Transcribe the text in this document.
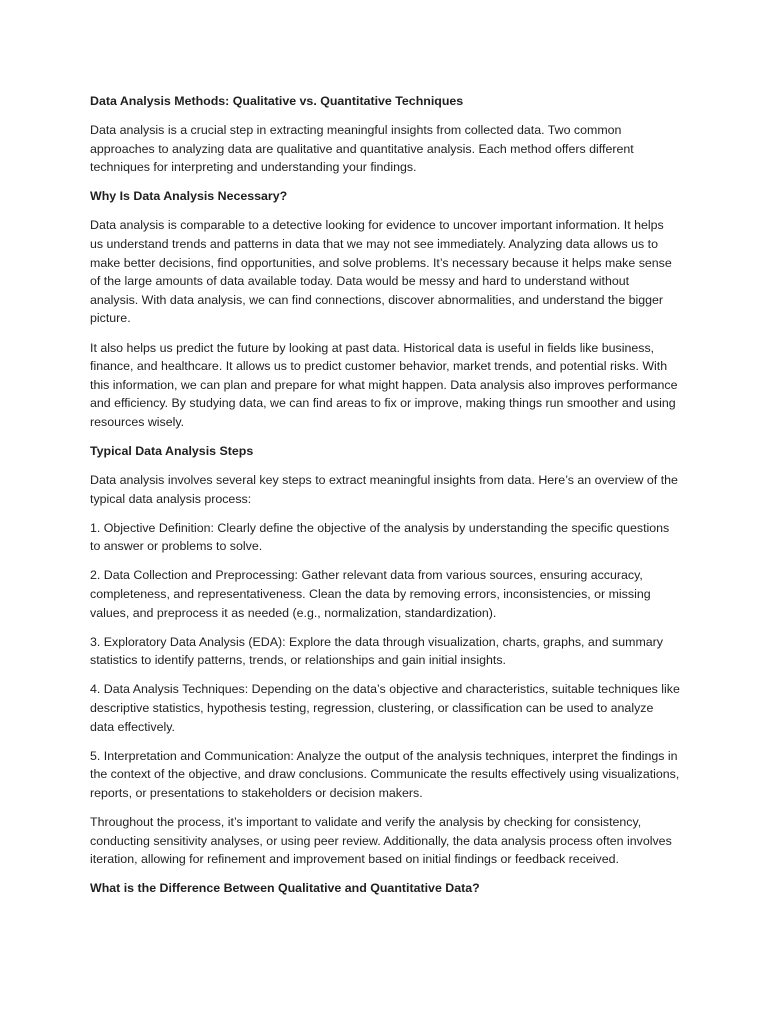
Data Analysis Methods: Qualitative vs. Quantitative Techniques

Data analysis is a crucial step in extracting meaningful insights from collected data. Two common approaches to analyzing data are qualitative and quantitative analysis. Each method offers different techniques for interpreting and understanding your findings.

Why Is Data Analysis Necessary?

Data analysis is comparable to a detective looking for evidence to uncover important information. It helps us understand trends and patterns in data that we may not see immediately. Analyzing data allows us to make better decisions, find opportunities, and solve problems. It’s necessary because it helps make sense of the large amounts of data available today. Data would be messy and hard to understand without analysis. With data analysis, we can find connections, discover abnormalities, and understand the bigger picture.

It also helps us predict the future by looking at past data. Historical data is useful in fields like business, finance, and healthcare. It allows us to predict customer behavior, market trends, and potential risks. With this information, we can plan and prepare for what might happen. Data analysis also improves performance and efficiency. By studying data, we can find areas to fix or improve, making things run smoother and using resources wisely.

Typical Data Analysis Steps

Data analysis involves several key steps to extract meaningful insights from data. Here’s an overview of the typical data analysis process:

1. Objective Definition: Clearly define the objective of the analysis by understanding the specific questions to answer or problems to solve.

2. Data Collection and Preprocessing: Gather relevant data from various sources, ensuring accuracy, completeness, and representativeness. Clean the data by removing errors, inconsistencies, or missing values, and preprocess it as needed (e.g., normalization, standardization).

3. Exploratory Data Analysis (EDA): Explore the data through visualization, charts, graphs, and summary statistics to identify patterns, trends, or relationships and gain initial insights.

4. Data Analysis Techniques: Depending on the data’s objective and characteristics, suitable techniques like descriptive statistics, hypothesis testing, regression, clustering, or classification can be used to analyze data effectively.

5. Interpretation and Communication: Analyze the output of the analysis techniques, interpret the findings in the context of the objective, and draw conclusions. Communicate the results effectively using visualizations, reports, or presentations to stakeholders or decision makers.

Throughout the process, it’s important to validate and verify the analysis by checking for consistency, conducting sensitivity analyses, or using peer review. Additionally, the data analysis process often involves iteration, allowing for refinement and improvement based on initial findings or feedback received.

What is the Difference Between Qualitative and Quantitative Data?
